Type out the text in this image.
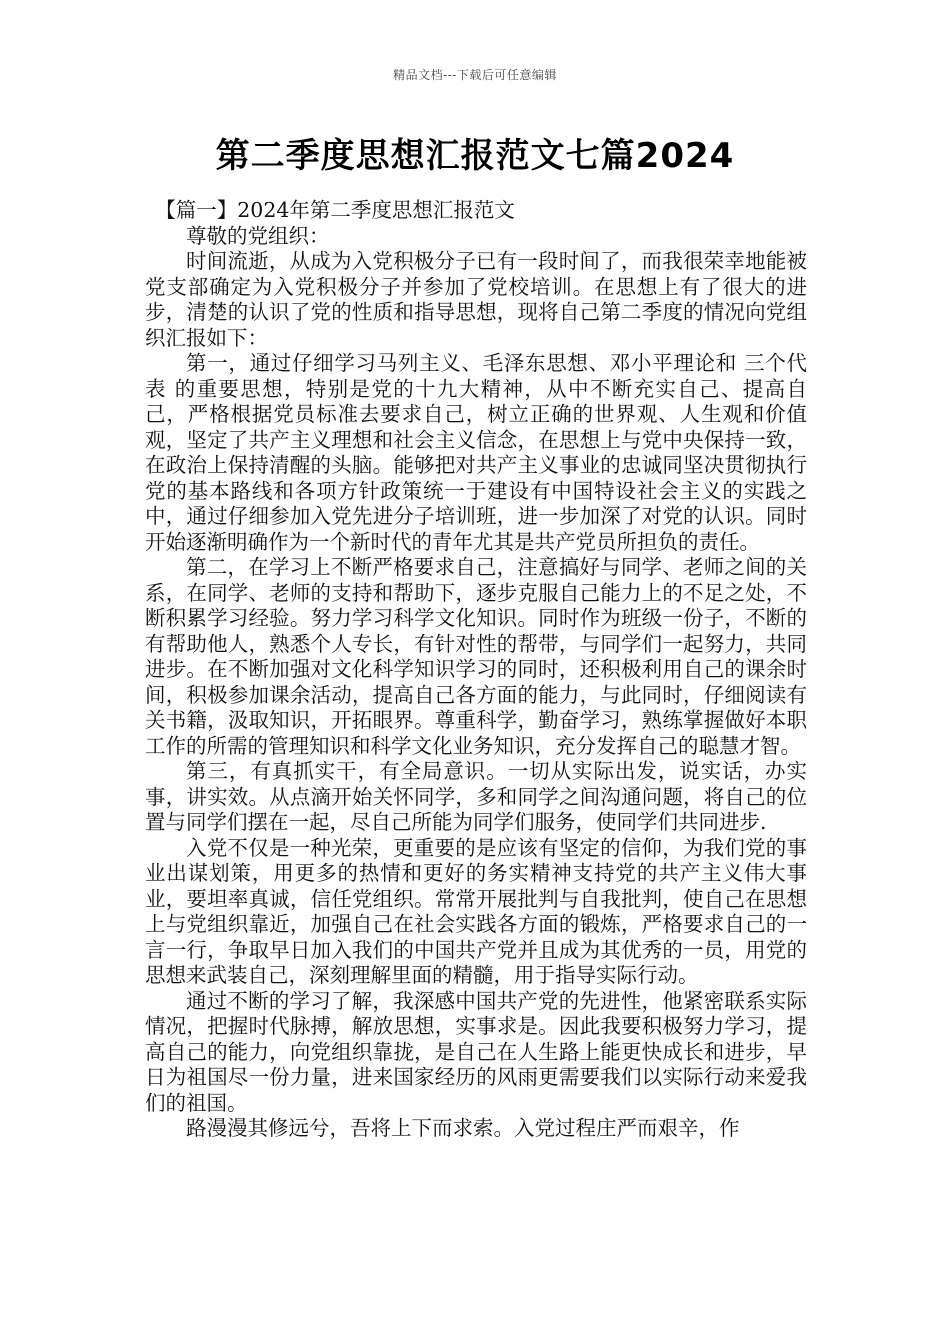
精品文档---下载后可任意编辑
第二季度思想汇报范文七篇2024

【篇一】2024年第二季度思想汇报范文

尊敬的党组织：

时间流逝，从成为入党积极分子已有一段时间了，而我很荣幸地能被党支部确定为入党积极分子并参加了党校培训。在思想上有了很大的进步，清楚的认识了党的性质和指导思想，现将自己第二季度的情况向党组织汇报如下：

第一，通过仔细学习马列主义、毛泽东思想、邓小平理论和 三个代表 的重要思想，特别是党的十九大精神，从中不断充实自己、提高自己，严格根据党员标准去要求自己，树立正确的世界观、人生观和价值观，坚定了共产主义理想和社会主义信念，在思想上与党中央保持一致，在政治上保持清醒的头脑。能够把对共产主义事业的忠诚同坚决贯彻执行党的基本路线和各项方针政策统一于建设有中国特设社会主义的实践之中，通过仔细参加入党先进分子培训班，进一步加深了对党的认识。同时开始逐渐明确作为一个新时代的青年尤其是共产党员所担负的责任。

第二，在学习上不断严格要求自己，注意搞好与同学、老师之间的关系，在同学、老师的支持和帮助下，逐步克服自己能力上的不足之处，不断积累学习经验。努力学习科学文化知识。同时作为班级一份子，不断的有帮助他人，熟悉个人专长，有针对性的帮带，与同学们一起努力，共同进步。在不断加强对文化科学知识学习的同时，还积极利用自己的课余时间，积极参加课余活动，提高自己各方面的能力，与此同时，仔细阅读有关书籍，汲取知识，开拓眼界。尊重科学，勤奋学习，熟练掌握做好本职工作的所需的管理知识和科学文化业务知识，充分发挥自己的聪慧才智。

第三，有真抓实干，有全局意识。一切从实际出发，说实话，办实事，讲实效。从点滴开始关怀同学，多和同学之间沟通问题，将自己的位置与同学们摆在一起，尽自己所能为同学们服务，使同学们共同进步.

入党不仅是一种光荣，更重要的是应该有坚定的信仰，为我们党的事业出谋划策，用更多的热情和更好的务实精神支持党的共产主义伟大事业，要坦率真诚，信任党组织。常常开展批判与自我批判，使自己在思想上与党组织靠近，加强自己在社会实践各方面的锻炼，严格要求自己的一言一行，争取早日加入我们的中国共产党并且成为其优秀的一员，用党的思想来武装自己，深刻理解里面的精髓，用于指导实际行动。

通过不断的学习了解，我深感中国共产党的先进性，他紧密联系实际情况，把握时代脉搏，解放思想，实事求是。因此我要积极努力学习，提高自己的能力，向党组织靠拢，是自己在人生路上能更快成长和进步，早日为祖国尽一份力量，进来国家经历的风雨更需要我们以实际行动来爱我们的祖国。

路漫漫其修远兮，吾将上下而求索。入党过程庄严而艰辛，作
